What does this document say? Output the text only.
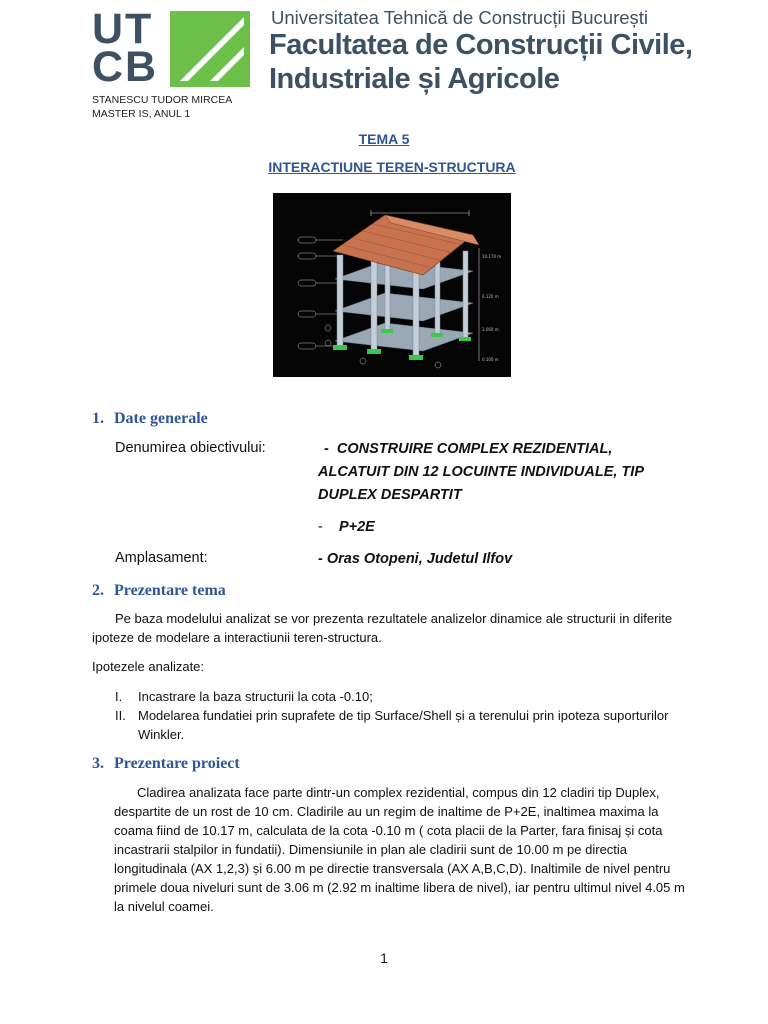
UT
CB
Universitatea Tehnică de Construcții București
Facultatea de Construcții Civile,
Industriale și Agricole
STANESCU TUDOR MIRCEA
MASTER IS, ANUL 1
TEMA 5
INTERACTIUNE TEREN-STRUCTURA
10.170 m
6.120 m
3.060 m
0.100 m
1. Date generale
Denumirea obiectivului:	- CONSTRUIRE COMPLEX REZIDENTIAL, ALCATUIT DIN 12 LOCUINTE INDIVIDUALE, TIP DUPLEX DESPARTIT
- P+2E
Amplasament:	- Oras Otopeni, Judetul Ilfov
2. Prezentare tema
Pe baza modelului analizat se vor prezenta rezultatele analizelor dinamice ale structurii in diferite ipoteze de modelare a interactiunii teren-structura.
Ipotezele analizate:
I. Incastrare la baza structurii la cota -0.10;
II. Modelarea fundatiei prin suprafete de tip Surface/Shell și a terenului prin ipoteza suporturilor Winkler.
3. Prezentare proiect
Cladirea analizata face parte dintr-un complex rezidential, compus din 12 cladiri tip Duplex, despartite de un rost de 10 cm. Cladirile au un regim de inaltime de P+2E, inaltimea maxima la coama fiind de 10.17 m, calculata de la cota -0.10 m ( cota placii de la Parter, fara finisaj și cota incastrarii stalpilor in fundatii). Dimensiunile in plan ale cladirii sunt de 10.00 m pe directia longitudinala (AX 1,2,3) și 6.00 m pe directie transversala (AX A,B,C,D). Inaltimile de nivel pentru primele doua niveluri sunt de 3.06 m (2.92 m inaltime libera de nivel), iar pentru ultimul nivel 4.05 m la nivelul coamei.
1
